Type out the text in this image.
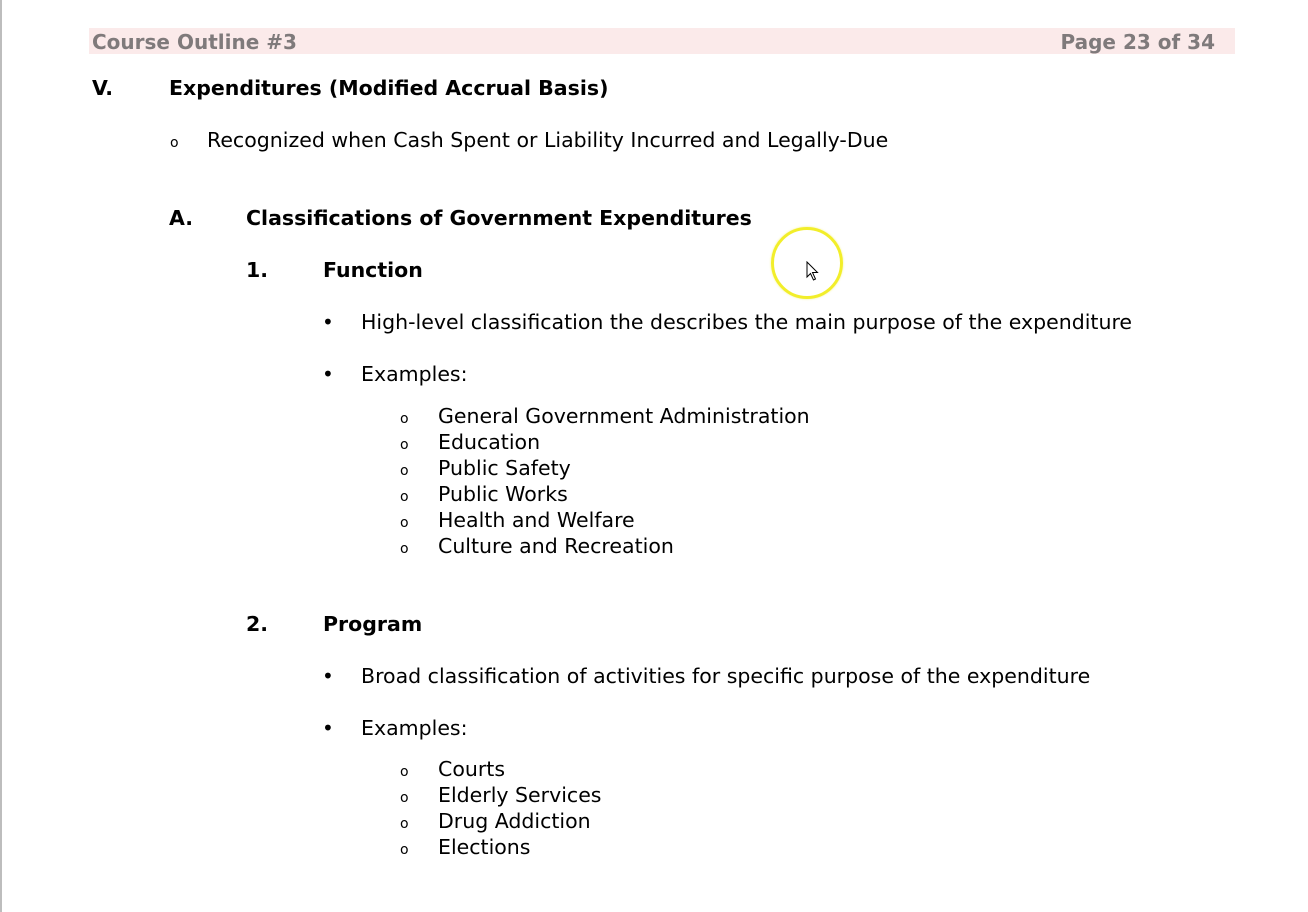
Course Outline #3	Page 23 of 34
V.	Expenditures (Modified Accrual Basis)
o Recognized when Cash Spent or Liability Incurred and Legally-Due
A.	Classifications of Government Expenditures
1.	Function
• High-level classification the describes the main purpose of the expenditure
• Examples:
o General Government Administration
o Education
o Public Safety
o Public Works
o Health and Welfare
o Culture and Recreation
2.	Program
• Broad classification of activities for specific purpose of the expenditure
• Examples:
o Courts
o Elderly Services
o Drug Addiction
o Elections
